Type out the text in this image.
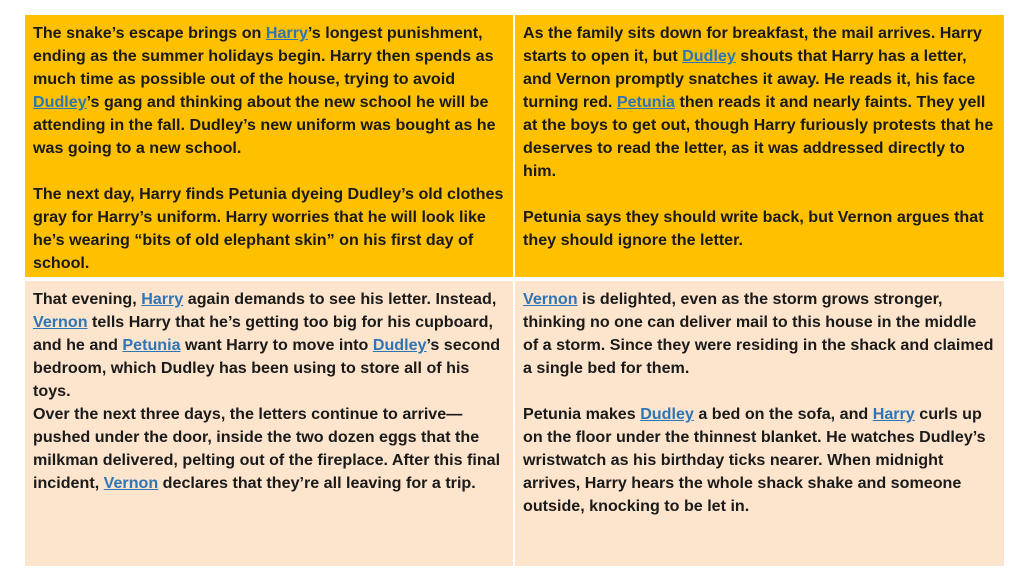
The snake’s escape brings on Harry’s longest punishment, ending as the summer holidays begin. Harry then spends as much time as possible out of the house, trying to avoid Dudley’s gang and thinking about the new school he will be attending in the fall. Dudley’s new uniform was bought as he was going to a new school.

The next day, Harry finds Petunia dyeing Dudley’s old clothes gray for Harry’s uniform. Harry worries that he will look like he’s wearing “bits of old elephant skin” on his first day of school.

As the family sits down for breakfast, the mail arrives. Harry starts to open it, but Dudley shouts that Harry has a letter, and Vernon promptly snatches it away. He reads it, his face turning red. Petunia then reads it and nearly faints. They yell at the boys to get out, though Harry furiously protests that he deserves to read the letter, as it was addressed directly to him.

Petunia says they should write back, but Vernon argues that they should ignore the letter.

That evening, Harry again demands to see his letter. Instead, Vernon tells Harry that he’s getting too big for his cupboard, and he and Petunia want Harry to move into Dudley’s second bedroom, which Dudley has been using to store all of his toys.

Over the next three days, the letters continue to arrive—pushed under the door, inside the two dozen eggs that the milkman delivered, pelting out of the fireplace. After this final incident, Vernon declares that they’re all leaving for a trip.

Vernon is delighted, even as the storm grows stronger, thinking no one can deliver mail to this house in the middle of a storm. Since they were residing in the shack and claimed a single bed for them.

Petunia makes Dudley a bed on the sofa, and Harry curls up on the floor under the thinnest blanket. He watches Dudley’s wristwatch as his birthday ticks nearer. When midnight arrives, Harry hears the whole shack shake and someone outside, knocking to be let in.
